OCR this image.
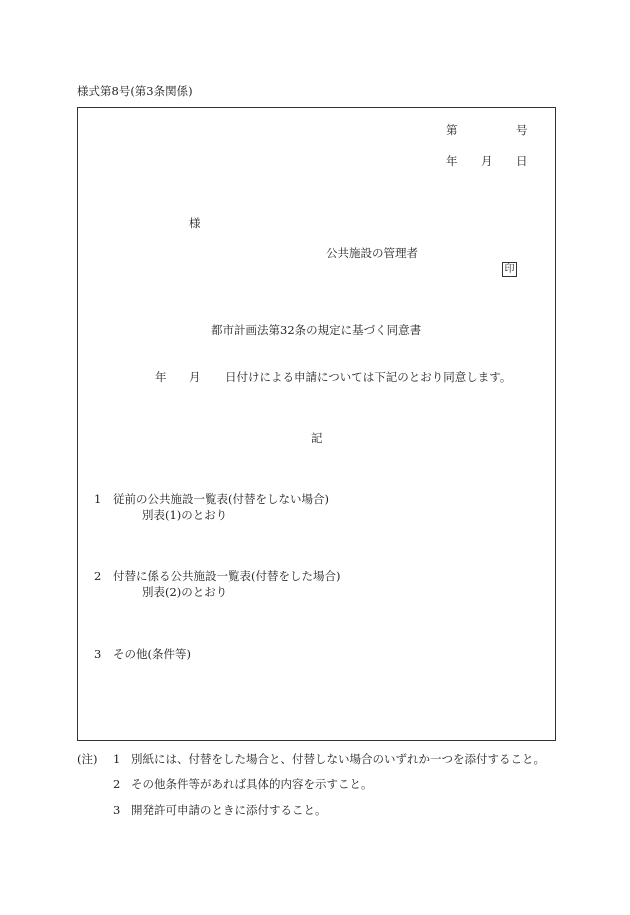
様式第8号(第3条関係)
第	号
年 月 日
様
公共施設の管理者
印
都市計画法第32条の規定に基づく同意書
年 月 日付けによる申請については下記のとおり同意します。
記
1 従前の公共施設一覧表(付替をしない場合)
別表(1)のとおり
2 付替に係る公共施設一覧表(付替をした場合)
別表(2)のとおり
3 その他(条件等)
(注) 1 別紙には、付替をした場合と、付替しない場合のいずれか一つを添付すること。
2 その他条件等があれば具体的内容を示すこと。
3 開発許可申請のときに添付すること。
